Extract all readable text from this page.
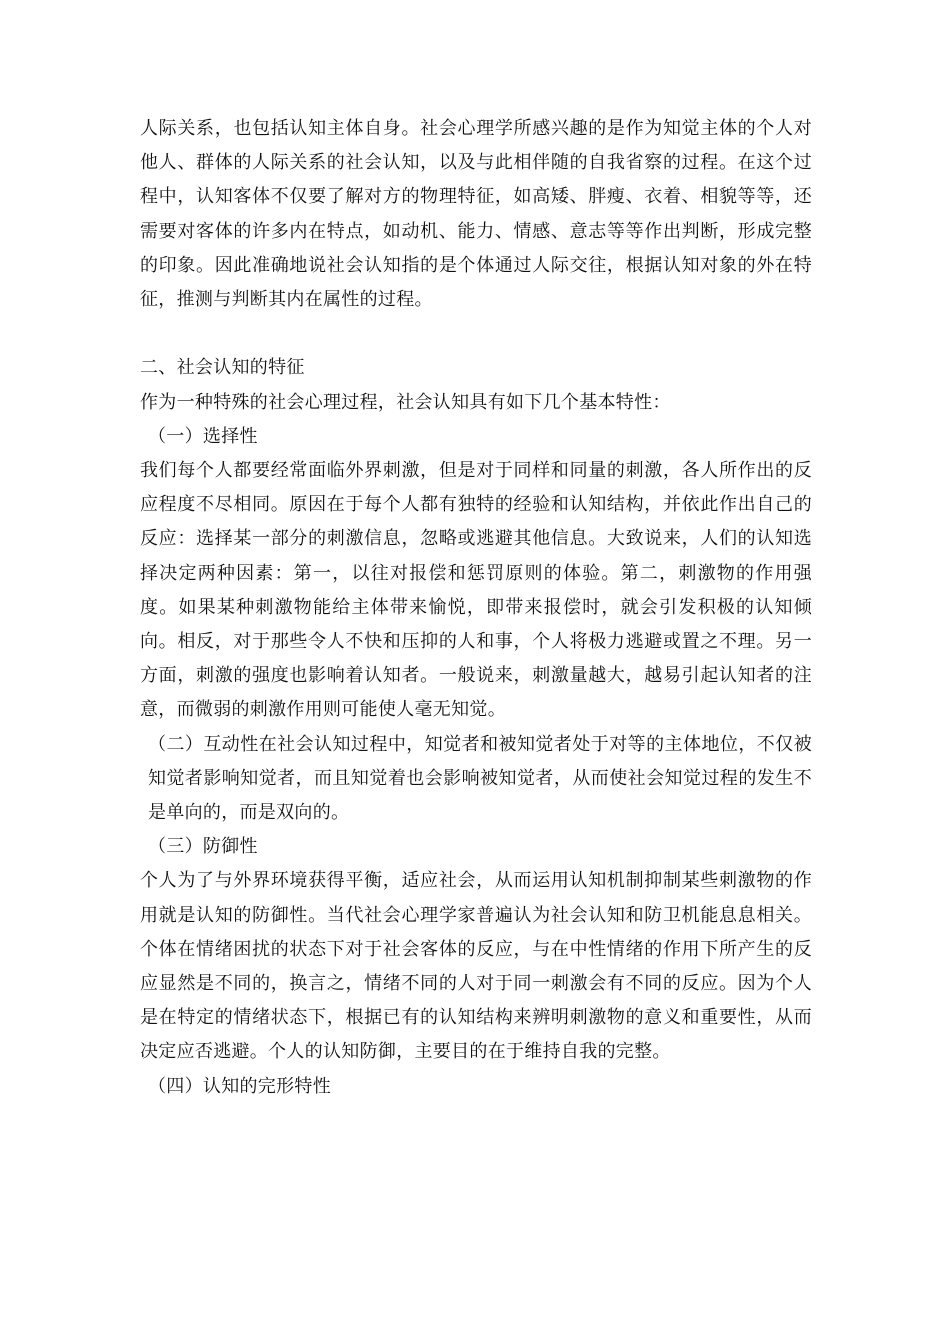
人际关系，也包括认知主体自身。社会心理学所感兴趣的是作为知觉主体的个人对他人、群体的人际关系的社会认知，以及与此相伴随的自我省察的过程。在这个过程中，认知客体不仅要了解对方的物理特征，如高矮、胖瘦、衣着、相貌等等，还需要对客体的许多内在特点，如动机、能力、情感、意志等等作出判断，形成完整的印象。因此准确地说社会认知指的是个体通过人际交往，根据认知对象的外在特征，推测与判断其内在属性的过程。

二、社会认知的特征

作为一种特殊的社会心理过程，社会认知具有如下几个基本特性：

（一）选择性

我们每个人都要经常面临外界刺激，但是对于同样和同量的刺激，各人所作出的反应程度不尽相同。原因在于每个人都有独特的经验和认知结构，并依此作出自己的反应：选择某一部分的刺激信息，忽略或逃避其他信息。大致说来，人们的认知选择决定两种因素：第一，以往对报偿和惩罚原则的体验。第二，刺激物的作用强度。如果某种刺激物能给主体带来愉悦，即带来报偿时，就会引发积极的认知倾向。相反，对于那些令人不快和压抑的人和事，个人将极力逃避或置之不理。另一方面，刺激的强度也影响着认知者。一般说来，刺激量越大，越易引起认知者的注意，而微弱的刺激作用则可能使人毫无知觉。

（二）互动性在社会认知过程中，知觉者和被知觉者处于对等的主体地位，不仅被知觉者影响知觉者，而且知觉着也会影响被知觉者，从而使社会知觉过程的发生不是单向的，而是双向的。

（三）防御性

个人为了与外界环境获得平衡，适应社会，从而运用认知机制抑制某些刺激物的作用就是认知的防御性。当代社会心理学家普遍认为社会认知和防卫机能息息相关。个体在情绪困扰的状态下对于社会客体的反应，与在中性情绪的作用下所产生的反应显然是不同的，换言之，情绪不同的人对于同一刺激会有不同的反应。因为个人是在特定的情绪状态下，根据已有的认知结构来辨明刺激物的意义和重要性，从而决定应否逃避。个人的认知防御，主要目的在于维持自我的完整。

（四）认知的完形特性
